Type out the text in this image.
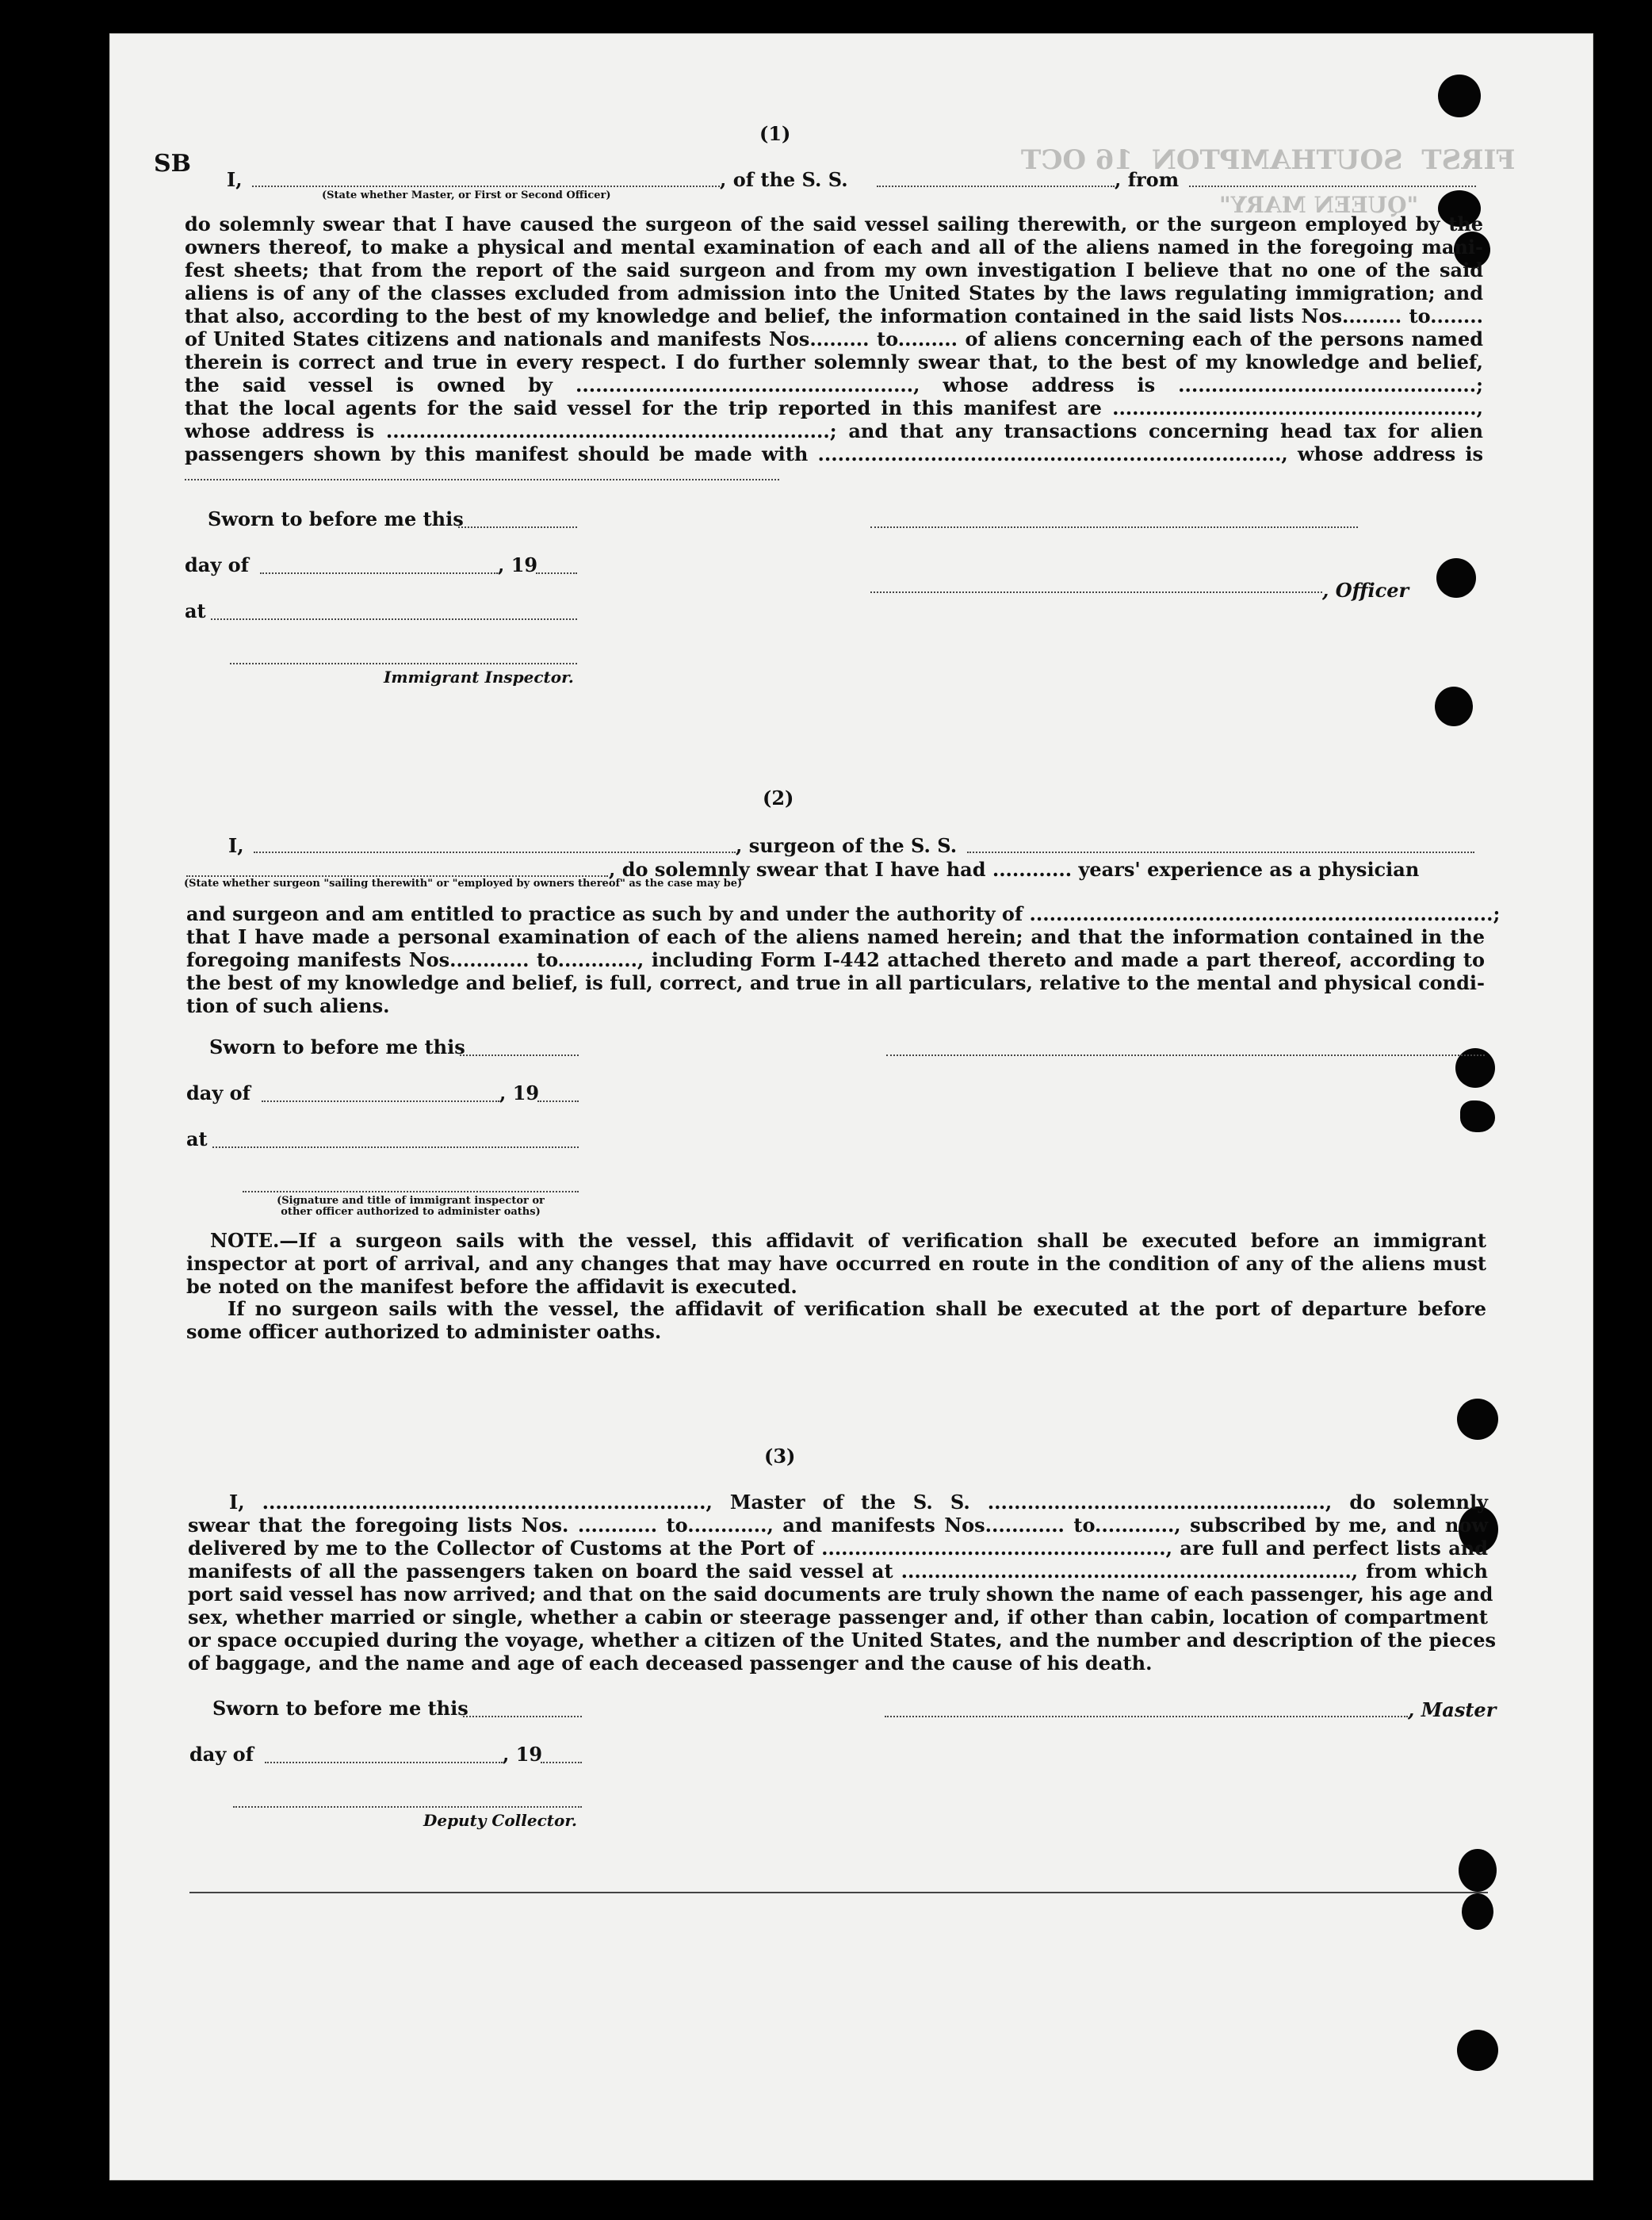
FIRST  SOUTHAMPTON  16 OCT
"QUEEN MARY"
SB
(1)
I,	, of the S. S.	, from
(State whether Master, or First or Second Officer)
do solemnly swear that I have caused the surgeon of the said vessel sailing therewith, or the surgeon employed by the
owners thereof, to make a physical and mental examination of each and all of the aliens named in the foregoing mani-
fest sheets; that from the report of the said surgeon and from my own investigation I believe that no one of the said
aliens is of any of the classes excluded from admission into the United States by the laws regulating immigration; and
that also, according to the best of my knowledge and belief, the information contained in the said lists Nos......... to........
of United States citizens and nationals and manifests Nos......... to......... of aliens concerning each of the persons named
therein is correct and true in every respect. I do further solemnly swear that, to the best of my knowledge and belief,
the said vessel is owned by ..................................................., whose address is .............................................;
that the local agents for the said vessel for the trip reported in this manifest are .......................................................,
whose address is ...................................................................; and that any transactions concerning head tax for alien
passengers shown by this manifest should be made with ......................................................................, whose address is
Sworn to before me this
day of	, 19
, Officer
at
Immigrant Inspector.
(2)
I,	, surgeon of the S. S.
, do solemnly swear that I have had ............ years' experience as a physician
(State whether surgeon "sailing therewith" or "employed by owners thereof" as the case may be)
and surgeon and am entitled to practice as such by and under the authority of ......................................................................;
that I have made a personal examination of each of the aliens named herein; and that the information contained in the
foregoing manifests Nos............ to............, including Form I-442 attached thereto and made a part thereof, according to
the best of my knowledge and belief, is full, correct, and true in all particulars, relative to the mental and physical condi-
tion of such aliens.
Sworn to before me this
day of	, 19
at
(Signature and title of immigrant inspector or
other officer authorized to administer oaths)
NOTE.—If a surgeon sails with the vessel, this affidavit of verification shall be executed before an immigrant
inspector at port of arrival, and any changes that may have occurred en route in the condition of any of the aliens must
be noted on the manifest before the affidavit is executed.
If no surgeon sails with the vessel, the affidavit of verification shall be executed at the port of departure before
some officer authorized to administer oaths.
(3)
I, ..................................................................., Master of the S. S. ..................................................., do solemnly
swear that the foregoing lists Nos. ............ to............, and manifests Nos............ to............, subscribed by me, and now
delivered by me to the Collector of Customs at the Port of ...................................................., are full and perfect lists and
manifests of all the passengers taken on board the said vessel at ...................................................................., from which
port said vessel has now arrived; and that on the said documents are truly shown the name of each passenger, his age and
sex, whether married or single, whether a cabin or steerage passenger and, if other than cabin, location of compartment
or space occupied during the voyage, whether a citizen of the United States, and the number and description of the pieces
of baggage, and the name and age of each deceased passenger and the cause of his death.
Sworn to before me this	, Master
day of	, 19
Deputy Collector.
